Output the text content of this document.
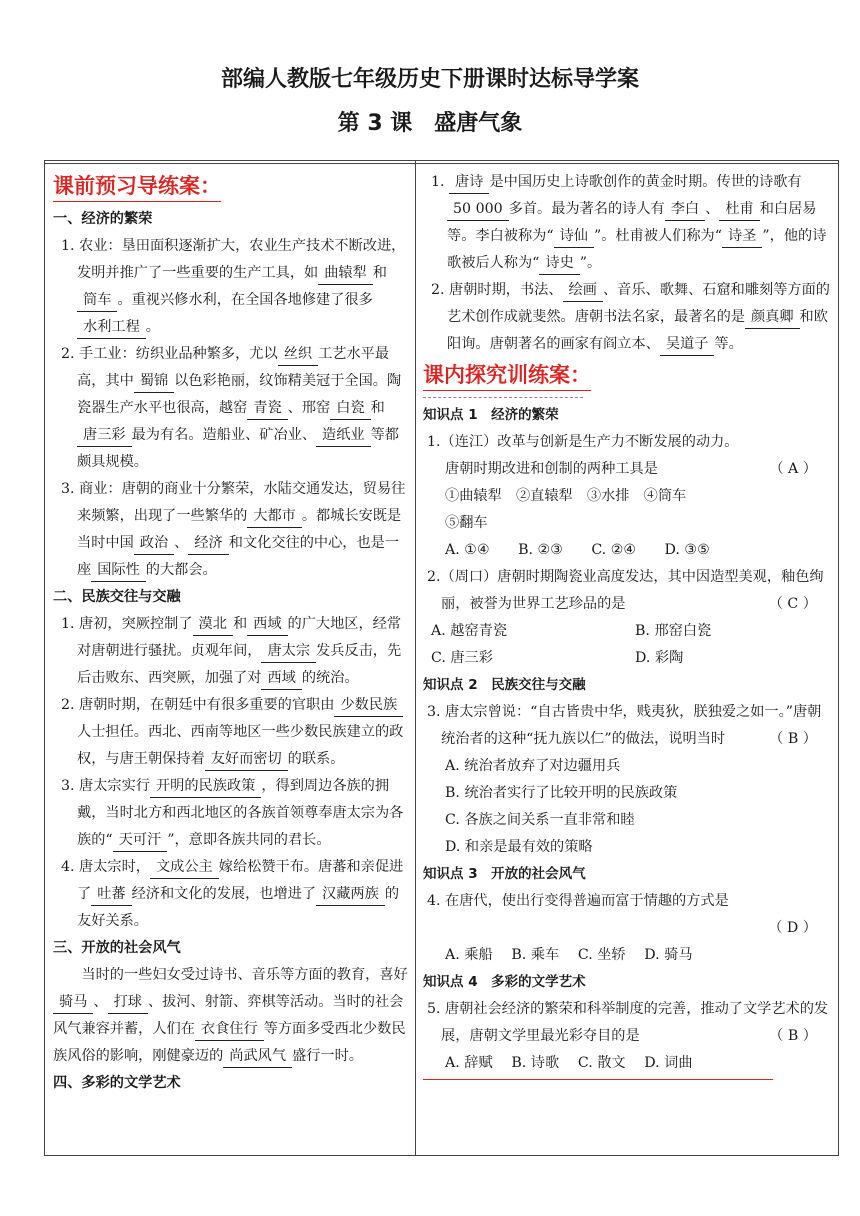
部编人教版七年级历史下册课时达标导学案
第 3 课　盛唐气象
课前预习导练案：
一、经济的繁荣
1. 农业：垦田面积逐渐扩大，农业生产技术不断改进，发明并推广了一些重要的生产工具，如 曲辕犁 和筒车 。重视兴修水利，在全国各地修建了很多水利工程 。
2. 手工业：纺织业品种繁多，尤以 丝织 工艺水平最高，其中 蜀锦 以色彩艳丽，纹饰精美冠于全国。陶瓷器生产水平也很高，越窑 青瓷 、邢窑 白瓷 和唐三彩 最为有名。造船业、矿冶业、 造纸业 等都颇具规模。
3. 商业：唐朝的商业十分繁荣，水陆交通发达，贸易往来频繁，出现了一些繁华的 大都市 。都城长安既是当时中国 政治 、 经济 和文化交往的中心，也是一座 国际性 的大都会。
二、民族交往与交融
1. 唐初，突厥控制了 漠北 和 西域 的广大地区，经常对唐朝进行骚扰。贞观年间， 唐太宗 发兵反击，先后击败东、西突厥，加强了对 西域 的统治。
2. 唐朝时期，在朝廷中有很多重要的官职由 少数民族人士担任。西北、西南等地区一些少数民族建立的政权，与唐王朝保持着 友好而密切 的联系。
3. 唐太宗实行 开明的民族政策 ，得到周边各族的拥戴，当时北方和西北地区的各族首领尊奉唐太宗为各族的“ 天可汗 ”，意即各族共同的君长。
4. 唐太宗时， 文成公主 嫁给松赞干布。唐蕃和亲促进了 吐蕃 经济和文化的发展，也增进了 汉藏两族 的友好关系。
三、开放的社会风气
当时的一些妇女受过诗书、音乐等方面的教育，喜好骑马 、 打球 、拔河、射箭、弈棋等活动。当时的社会风气兼容并蓄，人们在 衣食住行 等方面多受西北少数民族风俗的影响，刚健豪迈的 尚武风气 盛行一时。
四、多彩的文学艺术
1. 唐诗 是中国历史上诗歌创作的黄金时期。传世的诗歌有50 000 多首。最为著名的诗人有 李白 、 杜甫 和白居易等。李白被称为“ 诗仙 ”。杜甫被人们称为“ 诗圣 ”，他的诗歌被后人称为“ 诗史 ”。
2. 唐朝时期，书法、 绘画 、音乐、歌舞、石窟和雕刻等方面的艺术创作成就斐然。唐朝书法名家，最著名的是 颜真卿 和欧阳询。唐朝著名的画家有阎立本、 吴道子 等。
课内探究训练案：
知识点 1　经济的繁荣
1.（连江）改革与创新是生产力不断发展的动力。
唐朝时期改进和创制的两种工具是	（ A ）
①曲辕犁　②直辕犁　③水排　④筒车
⑤翻车
A. ①④　　B. ②③　　C. ②④　　D. ③⑤
2.（周口）唐朝时期陶瓷业高度发达，其中因造型美观，釉色绚丽，被誉为世界工艺珍品的是	（ C ）
A. 越窑青瓷	B. 邢窑白瓷
C. 唐三彩	D. 彩陶
知识点 2　民族交往与交融
3. 唐太宗曾说：“自古皆贵中华，贱夷狄，朕独爱之如一。”唐朝统治者的这种“抚九族以仁”的做法，说明当时	（ B ）
A. 统治者放弃了对边疆用兵
B. 统治者实行了比较开明的民族政策
C. 各族之间关系一直非常和睦
D. 和亲是最有效的策略
知识点 3　开放的社会风气
4. 在唐代，使出行变得普遍而富于情趣的方式是
（ D ）
A. 乘船　 B. 乘车　 C. 坐轿　 D. 骑马
知识点 4　多彩的文学艺术
5. 唐朝社会经济的繁荣和科举制度的完善，推动了文学艺术的发展，唐朝文学里最光彩夺目的是	（ B ）
A. 辞赋　 B. 诗歌　 C. 散文　 D. 词曲
